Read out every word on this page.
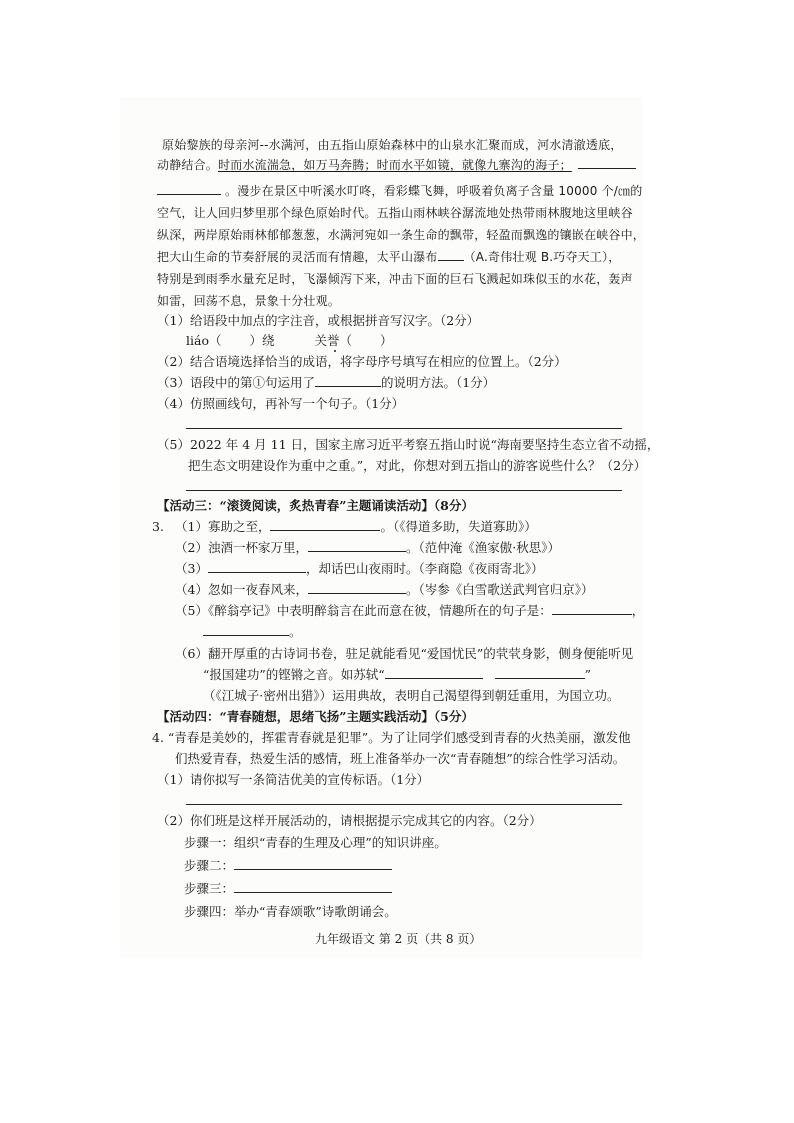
原始黎族的母亲河--水满河，由五指山原始森林中的山泉水汇聚而成，河水清澈透底，
动静结合。时而水流湍急，如万马奔腾；时而水平如镜，就像九寨沟的海子；
。漫步在景区中听溪水叮咚，看彩蝶飞舞，呼吸着负离子含量 10000 个/㎝的
空气，让人回归梦里那个绿色原始时代。五指山雨林峡谷潺流地处热带雨林腹地这里峡谷
纵深，两岸原始雨林郁郁葱葱，水满河宛如一条生命的飘带，轻盈而飘逸的镶嵌在峡谷中，
把大山生命的节奏舒展的灵活而有情趣，太平山瀑布 （A.奇伟壮观 B.巧夺天工），
特别是到雨季水量充足时，飞瀑倾泻下来，冲击下面的巨石飞溅起如珠似玉的水花，轰声
如雷，回荡不息，景象十分壮观。
（1）给语段中加点的字注音，或根据拼音写汉字。（2分）
liáo（ ）绕	关誉（ ）
（2）结合语境选择恰当的成语，将字母序号填写在相应的位置上。（2分）
（3）语段中的第①句运用了	的说明方法。（1分）
（4）仿照画线句，再补写一个句子。（1分）
（5）2022 年 4 月 11 日，国家主席习近平考察五指山时说“海南要坚持生态立省不动摇，
把生态文明建设作为重中之重。”，对此，你想对到五指山的游客说些什么？（2分）
【活动三：“滚烫阅读，炙热青春”主题诵读活动】（8分）
3. （1）寡助之至，	。（《得道多助，失道寡助》）
（2）浊酒一杯家万里，	。（范仲淹《渔家傲·秋思》）
（3）	，却话巴山夜雨时。（李商隐《夜雨寄北》）
（4）忽如一夜春风来，	。（岑参《白雪歌送武判官归京》）
（5）《醉翁亭记》中表明醉翁言在此而意在彼，情趣所在的句子是：	，
。
（6）翻开厚重的古诗词书卷，驻足就能看见“爱国忧民”的茕茕身影，侧身便能听见
“报国建功”的铿锵之音。如苏轼“	”
（《江城子·密州出猎》）运用典故，表明自己渴望得到朝廷重用，为国立功。
【活动四：“青春随想，思绪飞扬”主题实践活动】（5分）
4. “青春是美妙的，挥霍青春就是犯罪”。为了让同学们感受到青春的火热美丽，激发他
们热爱青春，热爱生活的感情，班上准备举办一次“青春随想”的综合性学习活动。
（1）请你拟写一条简洁优美的宣传标语。（1分）
（2）你们班是这样开展活动的，请根据提示完成其它的内容。（2分）
步骤一：组织“青春的生理及心理”的知识讲座。
步骤二：
步骤三：
步骤四：举办“青春颂歌”诗歌朗诵会。
九年级语文 第 2 页（共 8 页）
